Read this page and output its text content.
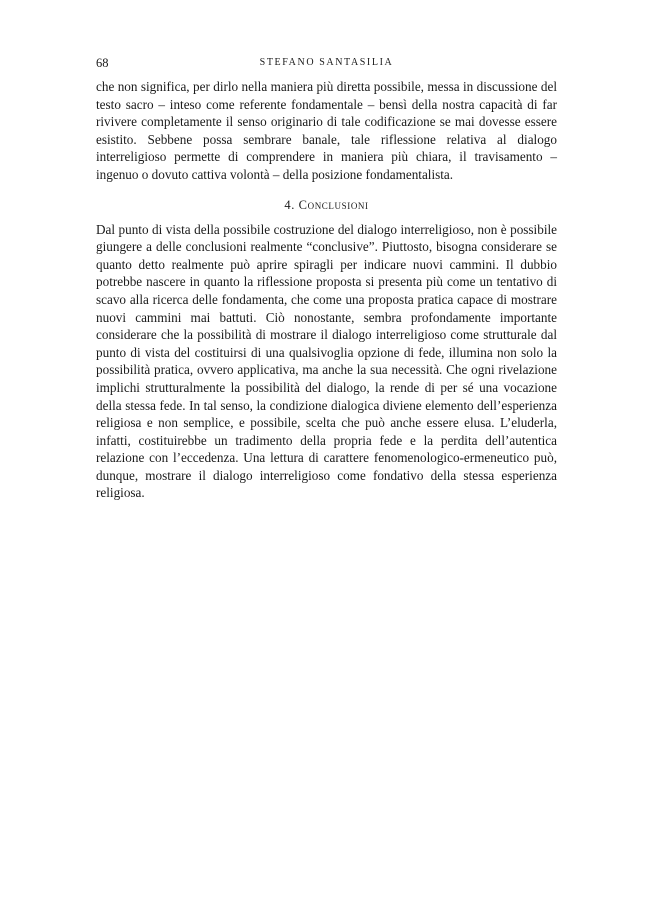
68	STEFANO SANTASILIA

che non significa, per dirlo nella maniera più diretta possibile, messa in discussione del testo sacro – inteso come referente fondamentale – bensì della nostra capacità di far rivivere completamente il senso originario di tale codificazione se mai dovesse essere esistito. Sebbene possa sembrare banale, tale riflessione relativa al dialogo interreligioso permette di comprendere in maniera più chiara, il travisamento – ingenuo o dovuto cattiva volontà – della posizione fondamentalista.

4. Conclusioni

Dal punto di vista della possibile costruzione del dialogo interreligioso, non è possibile giungere a delle conclusioni realmente “conclusive”. Piuttosto, bisogna considerare se quanto detto realmente può aprire spiragli per indicare nuovi cammini. Il dubbio potrebbe nascere in quanto la riflessione proposta si presenta più come un tentativo di scavo alla ricerca delle fondamenta, che come una proposta pratica capace di mostrare nuovi cammini mai battuti. Ciò nonostante, sembra profondamente importante considerare che la possibilità di mostrare il dialogo interreligioso come strutturale dal punto di vista del costituirsi di una qualsivoglia opzione di fede, illumina non solo la possibilità pratica, ovvero applicativa, ma anche la sua necessità. Che ogni rivelazione implichi strutturalmente la possibilità del dialogo, la rende di per sé una vocazione della stessa fede. In tal senso, la condizione dialogica diviene elemento dell’esperienza religiosa e non semplice, e possibile, scelta che può anche essere elusa. L’eluderla, infatti, costituirebbe un tradimento della propria fede e la perdita dell’autentica relazione con l’eccedenza. Una lettura di carattere fenomenologico-ermeneutico può, dunque, mostrare il dialogo interreligioso come fondativo della stessa esperienza religiosa.
